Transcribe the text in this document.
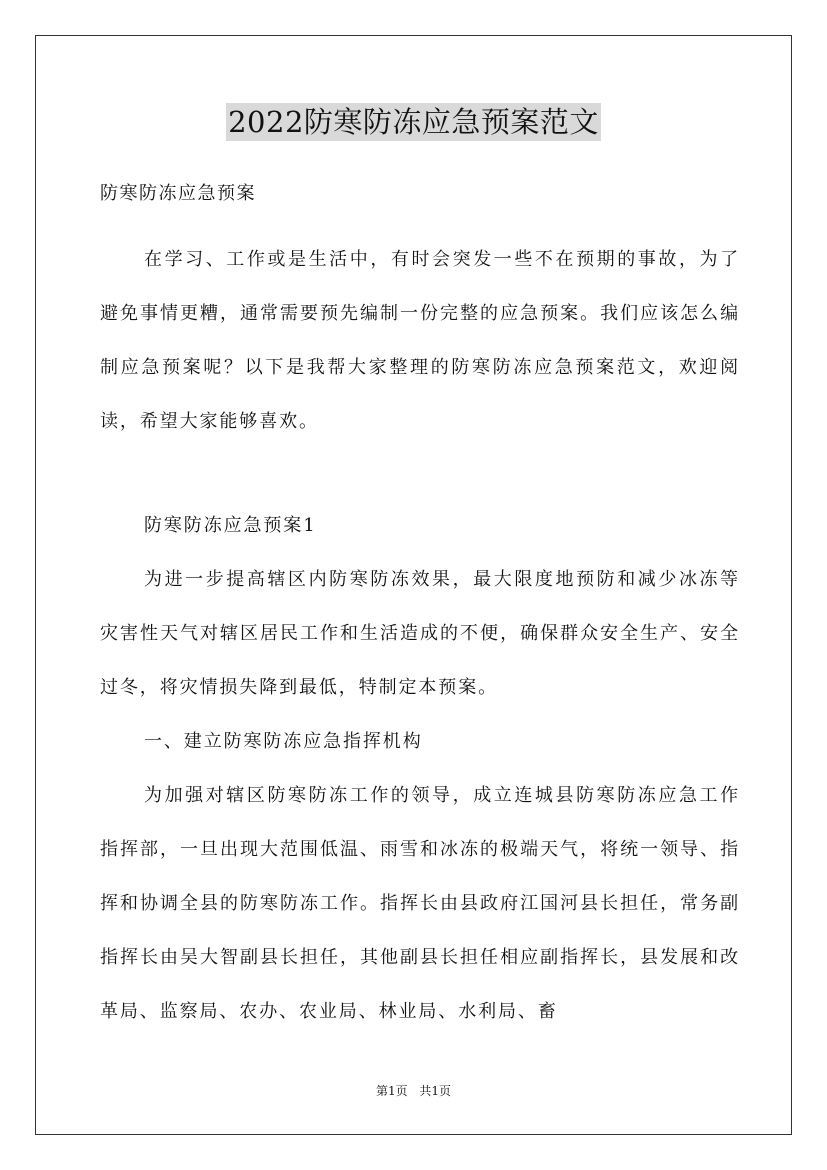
2022防寒防冻应急预案范文
防寒防冻应急预案

在学习、工作或是生活中，有时会突发一些不在预期的事故，为了避免事情更糟，通常需要预先编制一份完整的应急预案。我们应该怎么编制应急预案呢？以下是我帮大家整理的防寒防冻应急预案范文，欢迎阅读，希望大家能够喜欢。

防寒防冻应急预案1

为进一步提高辖区内防寒防冻效果，最大限度地预防和减少冰冻等灾害性天气对辖区居民工作和生活造成的不便，确保群众安全生产、安全过冬，将灾情损失降到最低，特制定本预案。

一、建立防寒防冻应急指挥机构

为加强对辖区防寒防冻工作的领导，成立连城县防寒防冻应急工作指挥部，一旦出现大范围低温、雨雪和冰冻的极端天气，将统一领导、指挥和协调全县的防寒防冻工作。指挥长由县政府江国河县长担任，常务副指挥长由吴大智副县长担任，其他副县长担任相应副指挥长，县发展和改革局、监察局、农办、农业局、林业局、水利局、畜

第1页 共1页
